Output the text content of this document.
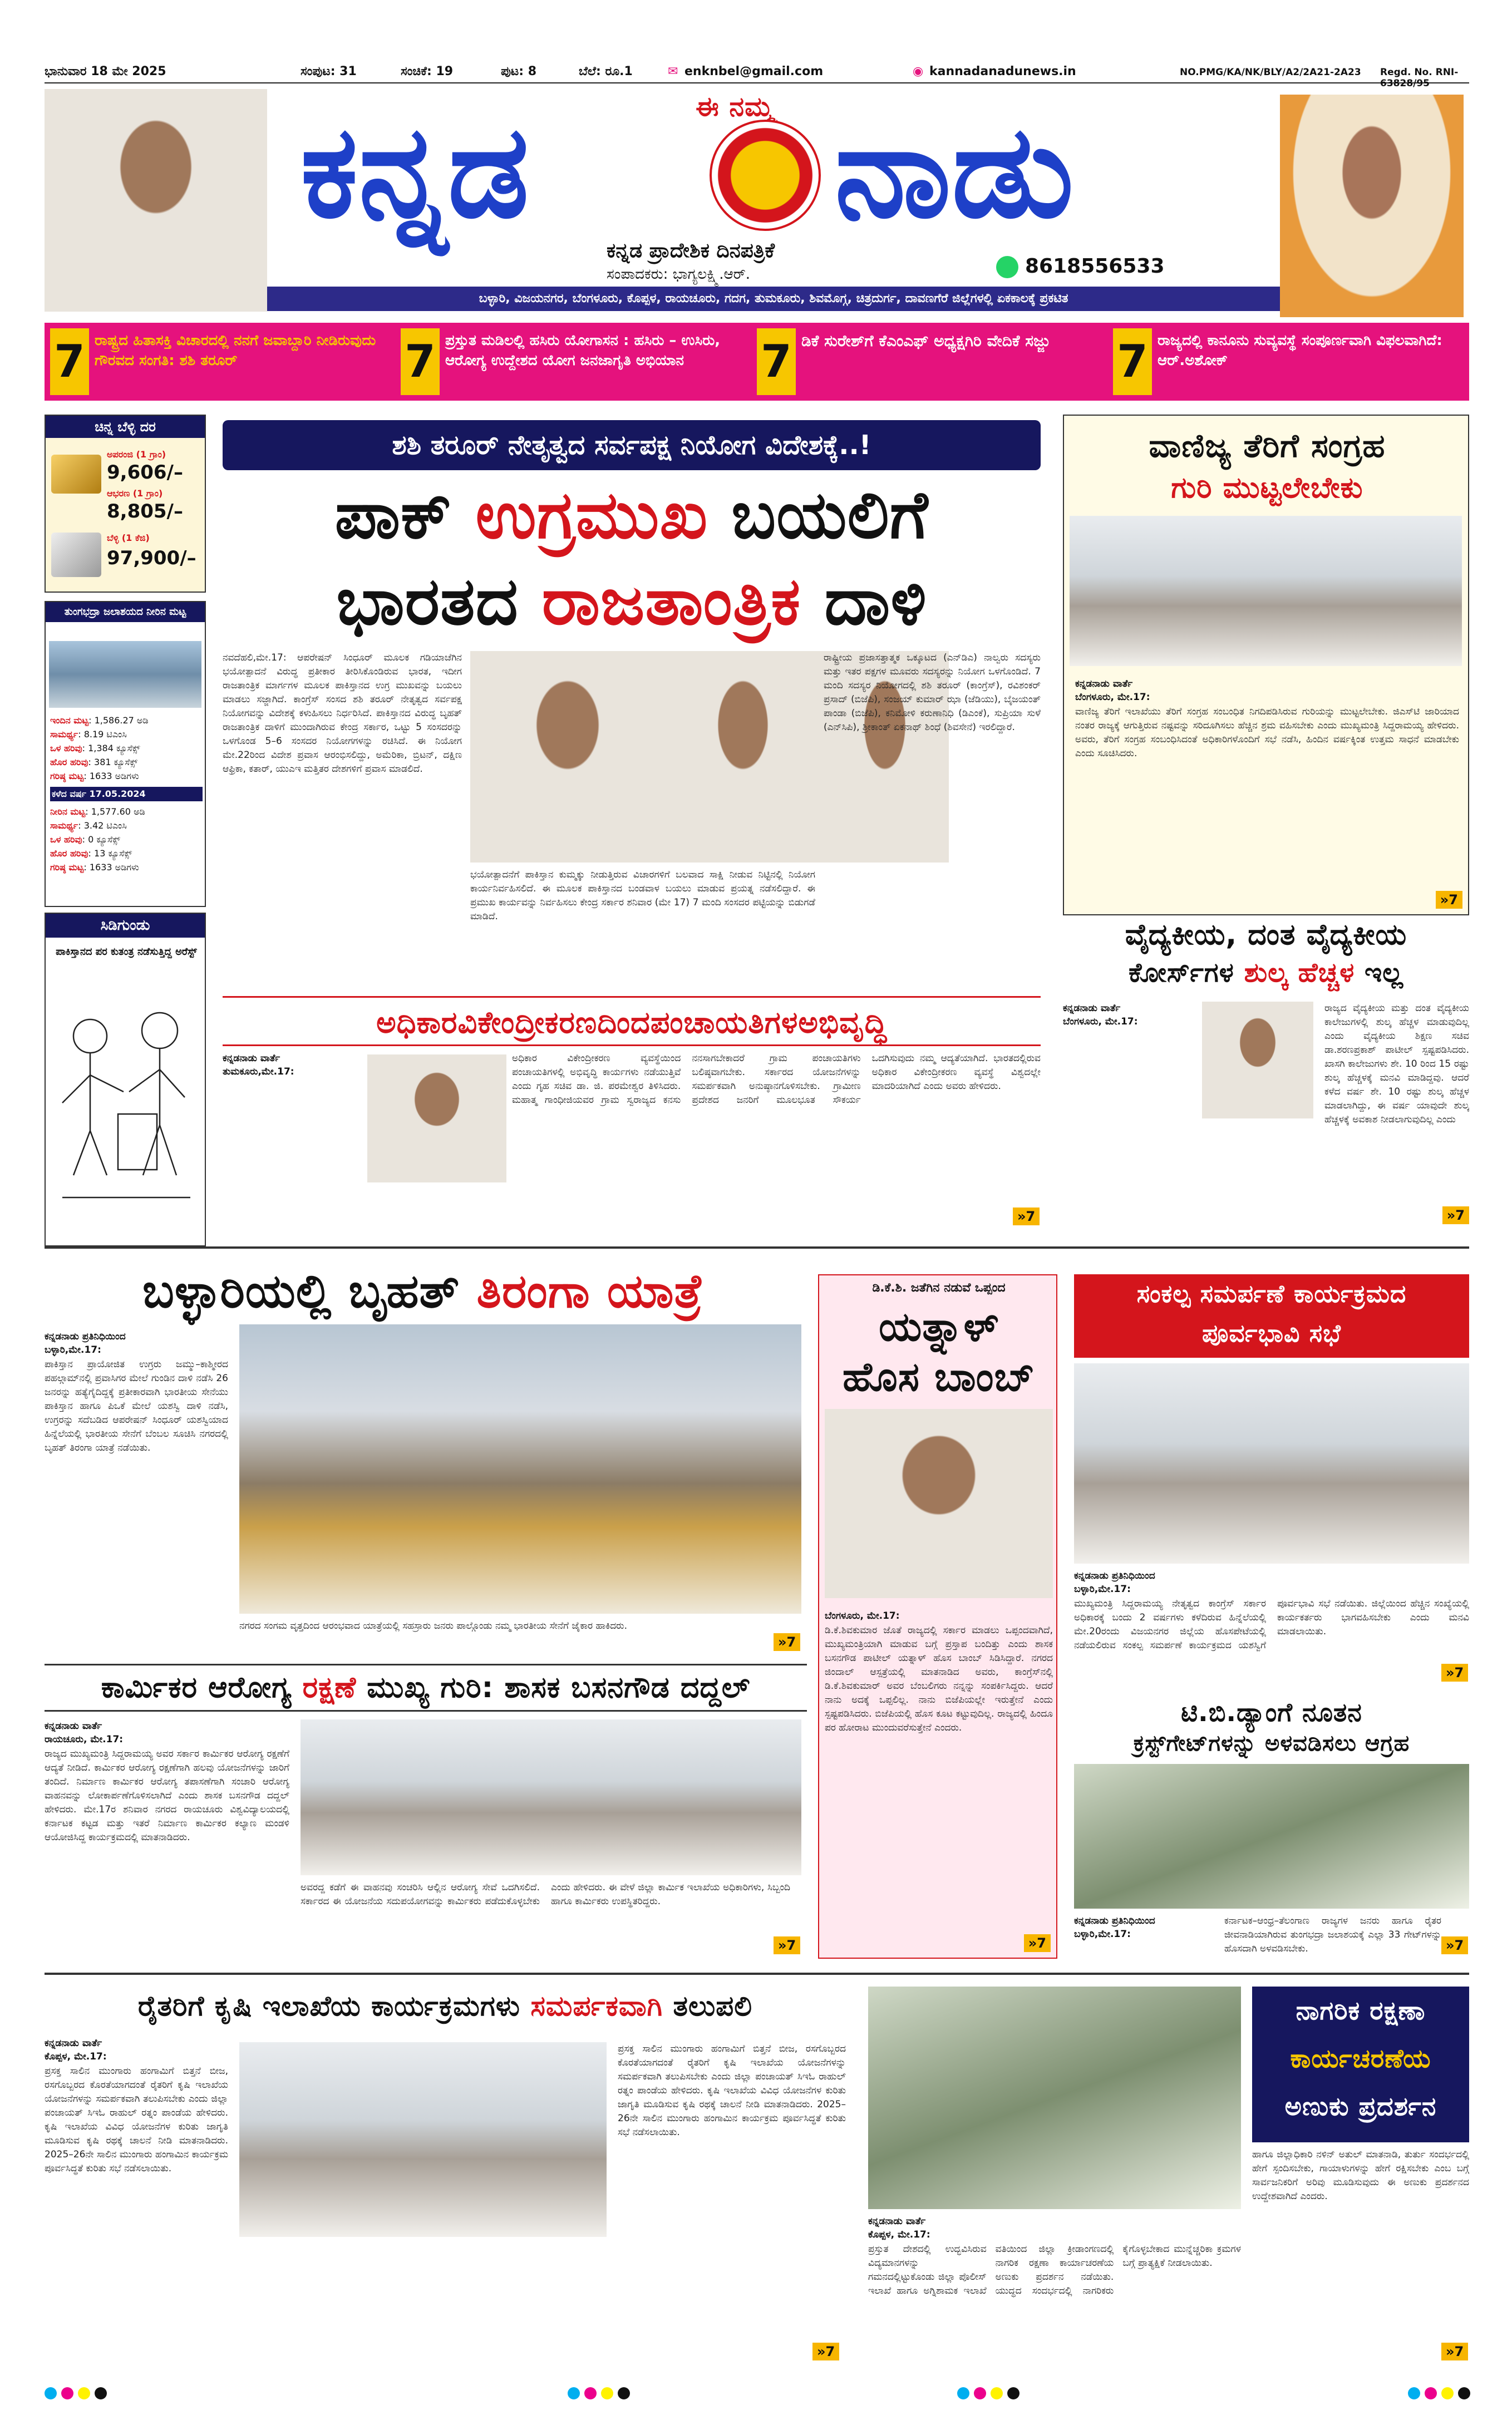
ಭಾನುವಾರ 18 ಮೇ 2025	ಸಂಪುಟ: 31	ಸಂಚಿಕೆ: 19	ಪುಟ: 8	ಬೆಲೆ: ರೂ.1	✉ enknbel@gmail.com	◉ kannadanadunews.in	NO.PMG/KA/NK/BLY/A2/2A21-2A23 Regd. No. RNI- 63828/95
ಕನ್ನಡ ನಾಡು
ಈ ನಮ್ಮ
ಕನ್ನಡ ಪ್ರಾದೇಶಿಕ ದಿನಪತ್ರಿಕೆ
ಸಂಪಾದಕರು: ಭಾಗ್ಯಲಕ್ಷ್ಮಿ.ಆರ್.	8618556533
ಬಳ್ಳಾರಿ, ವಿಜಯನಗರ, ಬೆಂಗಳೂರು, ಕೊಪ್ಪಳ, ರಾಯಚೂರು, ಗದಗ, ತುಮಕೂರು, ಶಿವಮೊಗ್ಗ, ಚಿತ್ರದುರ್ಗ, ದಾವಣಗೆರೆ ಜಿಲ್ಲೆಗಳಲ್ಲಿ ಏಕಕಾಲಕ್ಕೆ ಪ್ರಕಟಿತ
7 ರಾಷ್ಟ್ರದ ಹಿತಾಸಕ್ತಿ ವಿಚಾರದಲ್ಲಿ ನನಗೆ ಜವಾಬ್ದಾರಿ ನೀಡಿರುವುದು ಗೌರವದ ಸಂಗತಿ: ಶಶಿ ತರೂರ್	7 ಪ್ರಸ್ತುತ ಮಡಿಲಲ್ಲಿ ಹಸಿರು ಯೋಗಾಸನ : ಹಸಿರು – ಉಸಿರು, ಆರೋಗ್ಯ ಉದ್ದೇಶದ ಯೋಗ ಜನಜಾಗೃತಿ ಅಭಿಯಾನ	7 ಡಿಕೆ ಸುರೇಶ್‌ಗೆ ಕೆಎಂಎಫ್ ಅಧ್ಯಕ್ಷಗಿರಿ ವೇದಿಕೆ ಸಜ್ಜು	7 ರಾಜ್ಯದಲ್ಲಿ ಕಾನೂನು ಸುವ್ಯವಸ್ಥೆ ಸಂಪೂರ್ಣವಾಗಿ ವಿಫಲವಾಗಿದೆ: ಆರ್.ಅಶೋಕ್
ಚಿನ್ನ ಬೆಳ್ಳಿ ದರ
ಅಪರಂಜಿ (1 ಗ್ರಾಂ)
9,606/–
ಆಭರಣ (1 ಗ್ರಾಂ)
8,805/–
ಬೆಳ್ಳಿ (1 ಕೆಜಿ)
97,900/–
ತುಂಗಭದ್ರಾ ಜಲಾಶಯದ ನೀರಿನ ಮಟ್ಟ
ಇಂದಿನ ಮಟ್ಟ: 1,586.27 ಅಡಿ
ಸಾಮರ್ಥ್ಯ: 8.19 ಟಿಎಂಸಿ
ಒಳ ಹರಿವು: 1,384 ಕ್ಯೂಸೆಕ್ಸ್
ಹೊರ ಹರಿವು: 381 ಕ್ಯೂಸೆಕ್ಸ್
ಗರಿಷ್ಠ ಮಟ್ಟ: 1633 ಅಡಿಗಳು
ಕಳೆದ ವರ್ಷ 17.05.2024
ನೀರಿನ ಮಟ್ಟ: 1,577.60 ಅಡಿ
ಸಾಮರ್ಥ್ಯ: 3.42 ಟಿಎಂಸಿ
ಒಳ ಹರಿವು: 0 ಕ್ಯೂಸೆಕ್ಸ್
ಹೊರ ಹರಿವು: 13 ಕ್ಯೂಸೆಕ್ಸ್
ಗರಿಷ್ಠ ಮಟ್ಟ: 1633 ಅಡಿಗಳು
ಸಿಡಿಗುಂಡು
ಪಾಕಿಸ್ತಾನದ ಪರ ಕುತಂತ್ರ ನಡೆಸುತ್ತಿದ್ದ ಅರೆಸ್ಟ್
ಶಶಿ ತರೂರ್ ನೇತೃತ್ವದ ಸರ್ವಪಕ್ಷ ನಿಯೋಗ ವಿದೇಶಕ್ಕೆ..!
ಪಾಕ್ ಉಗ್ರಮುಖ ಬಯಲಿಗೆ
ಭಾರತದ ರಾಜತಾಂತ್ರಿಕ ದಾಳಿ
ನವದೆಹಲಿ,ಮೇ.17: ಆಪರೇಷನ್ ಸಿಂಧೂರ್ ಮೂಲಕ ಗಡಿಯಾಚೆಗಿನ ಭಯೋತ್ಪಾದನೆ ವಿರುದ್ಧ ಪ್ರತೀಕಾರ ತೀರಿಸಿಕೊಂಡಿರುವ ಭಾರತ, ಇದೀಗ ರಾಜತಾಂತ್ರಿಕ ಮಾರ್ಗಗಳ ಮೂಲಕ ಪಾಕಿಸ್ತಾನದ ಉಗ್ರ ಮುಖವನ್ನು ಬಯಲು ಮಾಡಲು ಸಜ್ಜಾಗಿದೆ. ಕಾಂಗ್ರೆಸ್ ಸಂಸದ ಶಶಿ ತರೂರ್ ನೇತೃತ್ವದ ಸರ್ವಪಕ್ಷ ನಿಯೋಗವನ್ನು ವಿದೇಶಕ್ಕೆ ಕಳುಹಿಸಲು ನಿರ್ಧರಿಸಿದೆ. ಪಾಕಿಸ್ತಾನದ ವಿರುದ್ಧ ಬೃಹತ್ ರಾಜತಾಂತ್ರಿಕ ದಾಳಿಗೆ ಮುಂದಾಗಿರುವ ಕೇಂದ್ರ ಸರ್ಕಾರ, ಒಟ್ಟು 5 ಸಂಸದರನ್ನು ಒಳಗೊಂಡ 5–6 ಸಂಸದರ ನಿಯೋಗಗಳನ್ನು ರಚಿಸಿದೆ. ಈ ನಿಯೋಗ ಮೇ.22ರಿಂದ ವಿದೇಶ ಪ್ರವಾಸ ಆರಂಭಿಸಲಿದ್ದು, ಅಮೆರಿಕಾ, ಬ್ರಿಟನ್, ದಕ್ಷಿಣ ಆಫ್ರಿಕಾ, ಕತಾರ್, ಯುಎಇ ಮತ್ತಿತರ ದೇಶಗಳಿಗೆ ಪ್ರವಾಸ ಮಾಡಲಿದೆ.
ಭಯೋತ್ಪಾದನೆಗೆ ಪಾಕಿಸ್ತಾನ ಕುಮ್ಮಕ್ಕು ನೀಡುತ್ತಿರುವ ವಿಚಾರಗಳಿಗೆ ಬಲವಾದ ಸಾಕ್ಷಿ ನೀಡುವ ನಿಟ್ಟಿನಲ್ಲಿ ನಿಯೋಗ ಕಾರ್ಯನಿರ್ವಹಿಸಲಿದೆ. ಈ ಮೂಲಕ ಪಾಕಿಸ್ತಾನದ ಬಂಡವಾಳ ಬಯಲು ಮಾಡುವ ಪ್ರಯತ್ನ ನಡೆಸಲಿದ್ದಾರೆ. ಈ ಪ್ರಮುಖ ಕಾರ್ಯವನ್ನು ನಿರ್ವಹಿಸಲು ಕೇಂದ್ರ ಸರ್ಕಾರ ಶನಿವಾರ (ಮೇ 17) 7 ಮಂದಿ ಸಂಸದರ ಪಟ್ಟಿಯನ್ನು ಬಿಡುಗಡೆ ಮಾಡಿದೆ.
ರಾಷ್ಟ್ರೀಯ ಪ್ರಜಾಸತ್ತಾತ್ಮಕ ಒಕ್ಕೂಟದ (ಎನ್‌ಡಿಎ) ನಾಲ್ವರು ಸದಸ್ಯರು ಮತ್ತು ಇತರ ಪಕ್ಷಗಳ ಮೂವರು ಸದಸ್ಯರನ್ನು ನಿಯೋಗ ಒಳಗೊಂಡಿದೆ. 7 ಮಂದಿ ಸದಸ್ಯರ ನಿಯೋಗದಲ್ಲಿ ಶಶಿ ತರೂರ್ (ಕಾಂಗ್ರೆಸ್), ರವಿಶಂಕರ್ ಪ್ರಸಾದ್ (ಬಿಜೆಪಿ), ಸಂಜಯ್ ಕುಮಾರ್ ಝಾ (ಜೆಡಿಯು), ಬೈಜಯಂತ್ ಪಾಂಡಾ (ಬಿಜೆಪಿ), ಕನಿಮೋಳಿ ಕರುಣಾನಿಧಿ (ಡಿಎಂಕೆ), ಸುಪ್ರಿಯಾ ಸುಳೆ (ಎನ್‌ಸಿಪಿ), ಶ್ರೀಕಾಂತ್ ಏಕನಾಥ್ ಶಿಂಧೆ (ಶಿವಸೇನೆ) ಇರಲಿದ್ದಾರೆ.
ವಾಣಿಜ್ಯ ತೆರಿಗೆ ಸಂಗ್ರಹ
ಗುರಿ ಮುಟ್ಟಲೇಬೇಕು
ಕನ್ನಡನಾಡು ವಾರ್ತೆ
ಬೆಂಗಳೂರು, ಮೇ.17:
ವಾಣಿಜ್ಯ ತೆರಿಗೆ ಇಲಾಖೆಯು ತೆರಿಗೆ ಸಂಗ್ರಹ ಸಂಬಂಧಿತ ನಿಗದಿಪಡಿಸಿರುವ ಗುರಿಯನ್ನು ಮುಟ್ಟಲೇಬೇಕು. ಜಿಎಸ್‌ಟಿ ಜಾರಿಯಾದ ನಂತರ ರಾಜ್ಯಕ್ಕೆ ಆಗುತ್ತಿರುವ ನಷ್ಟವನ್ನು ಸರಿದೂಗಿಸಲು ಹೆಚ್ಚಿನ ಶ್ರಮ ವಹಿಸಬೇಕು ಎಂದು ಮುಖ್ಯಮಂತ್ರಿ ಸಿದ್ದರಾಮಯ್ಯ ಹೇಳಿದರು. ಅವರು, ತೆರಿಗೆ ಸಂಗ್ರಹ ಸಂಬಂಧಿಸಿದಂತೆ ಅಧಿಕಾರಿಗಳೊಂದಿಗೆ ಸಭೆ ನಡೆಸಿ, ಹಿಂದಿನ ವರ್ಷಕ್ಕಿಂತ ಉತ್ತಮ ಸಾಧನೆ ಮಾಡಬೇಕು ಎಂದು ಸೂಚಿಸಿದರು.
»7
ವೈದ್ಯಕೀಯ, ದಂತ ವೈದ್ಯಕೀಯ
ಕೋರ್ಸ್‌ಗಳ ಶುಲ್ಕ ಹೆಚ್ಚಳ ಇಲ್ಲ
ಕನ್ನಡನಾಡು ವಾರ್ತೆ
ಬೆಂಗಳೂರು, ಮೇ.17:
ರಾಜ್ಯದ ವೈದ್ಯಕೀಯ ಮತ್ತು ದಂತ ವೈದ್ಯಕೀಯ ಕಾಲೇಜುಗಳಲ್ಲಿ ಶುಲ್ಕ ಹೆಚ್ಚಳ ಮಾಡುವುದಿಲ್ಲ ಎಂದು ವೈದ್ಯಕೀಯ ಶಿಕ್ಷಣ ಸಚಿವ ಡಾ.ಶರಣಪ್ರಕಾಶ್ ಪಾಟೀಲ್ ಸ್ಪಷ್ಟಪಡಿಸಿದರು. ಖಾಸಗಿ ಕಾಲೇಜುಗಳು ಶೇ. 10 ರಿಂದ 15 ರಷ್ಟು ಶುಲ್ಕ ಹೆಚ್ಚಳಕ್ಕೆ ಮನವಿ ಮಾಡಿದ್ದವು. ಆದರೆ ಕಳೆದ ವರ್ಷ ಶೇ. 10 ರಷ್ಟು ಶುಲ್ಕ ಹೆಚ್ಚಳ ಮಾಡಲಾಗಿದ್ದು, ಈ ವರ್ಷ ಯಾವುದೇ ಶುಲ್ಕ ಹೆಚ್ಚಳಕ್ಕೆ ಅವಕಾಶ ನೀಡಲಾಗುವುದಿಲ್ಲ ಎಂದು
»7
ಅಧಿಕಾರವಿಕೇಂದ್ರೀಕರಣದಿಂದಪಂಚಾಯತಿಗಳಅಭಿವೃದ್ಧಿ
ಕನ್ನಡನಾಡು ವಾರ್ತೆ
ತುಮಕೂರು,ಮೇ.17:
ಅಧಿಕಾರ ವಿಕೇಂದ್ರೀಕರಣ ವ್ಯವಸ್ಥೆಯಿಂದ ಪಂಚಾಯತಿಗಳಲ್ಲಿ ಅಭಿವೃದ್ಧಿ ಕಾರ್ಯಗಳು ನಡೆಯುತ್ತಿವೆ ಎಂದು ಗೃಹ ಸಚಿವ ಡಾ. ಜಿ. ಪರಮೇಶ್ವರ ತಿಳಿಸಿದರು. ಮಹಾತ್ಮ ಗಾಂಧೀಜಿಯವರ ಗ್ರಾಮ ಸ್ವರಾಜ್ಯದ ಕನಸು ನನಸಾಗಬೇಕಾದರೆ ಗ್ರಾಮ ಪಂಚಾಯತಿಗಳು ಬಲಿಷ್ಠವಾಗಬೇಕು. ಸರ್ಕಾರದ ಯೋಜನೆಗಳನ್ನು ಸಮರ್ಪಕವಾಗಿ ಅನುಷ್ಠಾನಗೊಳಿಸಬೇಕು. ಗ್ರಾಮೀಣ ಪ್ರದೇಶದ ಜನರಿಗೆ ಮೂಲಭೂತ ಸೌಕರ್ಯ ಒದಗಿಸುವುದು ನಮ್ಮ ಆದ್ಯತೆಯಾಗಿದೆ. ಭಾರತದಲ್ಲಿರುವ ಅಧಿಕಾರ ವಿಕೇಂದ್ರೀಕರಣ ವ್ಯವಸ್ಥೆ ವಿಶ್ವದಲ್ಲೇ ಮಾದರಿಯಾಗಿದೆ ಎಂದು ಅವರು ಹೇಳಿದರು.
»7
ಬಳ್ಳಾರಿಯಲ್ಲಿ ಬೃಹತ್ ತಿರಂಗಾ ಯಾತ್ರೆ
ಕನ್ನಡನಾಡು ಪ್ರತಿನಿಧಿಯಿಂದ
ಬಳ್ಳಾರಿ,ಮೇ.17:
ಪಾಕಿಸ್ತಾನ ಪ್ರಾಯೋಜಿತ ಉಗ್ರರು ಜಮ್ಮು–ಕಾಶ್ಮೀರದ ಪಹಲ್ಗಾಮ್‌ನಲ್ಲಿ ಪ್ರವಾಸಿಗರ ಮೇಲೆ ಗುಂಡಿನ ದಾಳಿ ನಡೆಸಿ 26 ಜನರನ್ನು ಹತ್ಯೆಗೈದಿದ್ದಕ್ಕೆ ಪ್ರತೀಕಾರವಾಗಿ ಭಾರತೀಯ ಸೇನೆಯು ಪಾಕಿಸ್ತಾನ ಹಾಗೂ ಪಿಒಕೆ ಮೇಲೆ ಯಶಸ್ವಿ ದಾಳಿ ನಡೆಸಿ, ಉಗ್ರರನ್ನು ಸದೆಬಡಿದ ಆಪರೇಷನ್ ಸಿಂಧೂರ್ ಯಶಸ್ವಿಯಾದ ಹಿನ್ನೆಲೆಯಲ್ಲಿ ಭಾರತೀಯ ಸೇನೆಗೆ ಬೆಂಬಲ ಸೂಚಿಸಿ ನಗರದಲ್ಲಿ ಬೃಹತ್ ತಿರಂಗಾ ಯಾತ್ರೆ ನಡೆಯಿತು.
ನಗರದ ಸಂಗಮ ವೃತ್ತದಿಂದ ಆರಂಭವಾದ ಯಾತ್ರೆಯಲ್ಲಿ ಸಹಸ್ರಾರು ಜನರು ಪಾಲ್ಗೊಂಡು ನಮ್ಮ ಭಾರತೀಯ ಸೇನೆಗೆ ಜೈಕಾರ ಹಾಕಿದರು.
»7
ಡಿ.ಕೆ.ಶಿ. ಜತೆಗಿನ ನಡುವೆ ಒಪ್ಪಂದ
ಯತ್ನಾಳ್
ಹೊಸ ಬಾಂಬ್
ಬೆಂಗಳೂರು, ಮೇ.17:
ಡಿ.ಕೆ.ಶಿವಕುಮಾರ ಜೊತೆ ರಾಜ್ಯದಲ್ಲಿ ಸರ್ಕಾರ ಮಾಡಲು ಒಪ್ಪಂದವಾಗಿದೆ, ಮುಖ್ಯಮಂತ್ರಿಯಾಗಿ ಮಾಡುವ ಬಗ್ಗೆ ಪ್ರಸ್ತಾಪ ಬಂದಿತ್ತು ಎಂದು ಶಾಸಕ ಬಸನಗೌಡ ಪಾಟೀಲ್ ಯತ್ನಾಳ್ ಹೊಸ ಬಾಂಬ್ ಸಿಡಿಸಿದ್ದಾರೆ. ನಗರದ ಜಿಂದಾಲ್ ಆಸ್ಪತ್ರೆಯಲ್ಲಿ ಮಾತನಾಡಿದ ಅವರು, ಕಾಂಗ್ರೆಸ್‌ನಲ್ಲಿ ಡಿ.ಕೆ.ಶಿವಕುಮಾರ್ ಅವರ ಬೆಂಬಲಿಗರು ನನ್ನನ್ನು ಸಂಪರ್ಕಿಸಿದ್ದರು. ಆದರೆ ನಾನು ಅದಕ್ಕೆ ಒಪ್ಪಲಿಲ್ಲ. ನಾನು ಬಿಜೆಪಿಯಲ್ಲೇ ಇರುತ್ತೇನೆ ಎಂದು ಸ್ಪಷ್ಟಪಡಿಸಿದರು. ಬಿಜೆಪಿಯಲ್ಲಿ ಹೊಸ ಕೂಟ ಕಟ್ಟುವುದಿಲ್ಲ. ರಾಜ್ಯದಲ್ಲಿ ಹಿಂದೂ ಪರ ಹೋರಾಟ ಮುಂದುವರೆಸುತ್ತೇನೆ ಎಂದರು.
»7
ಸಂಕಲ್ಪ ಸಮರ್ಪಣೆ ಕಾರ್ಯಕ್ರಮದ
ಪೂರ್ವಭಾವಿ ಸಭೆ
ಕನ್ನಡನಾಡು ಪ್ರತಿನಿಧಿಯಿಂದ
ಬಳ್ಳಾರಿ,ಮೇ.17:
ಮುಖ್ಯಮಂತ್ರಿ ಸಿದ್ದರಾಮಯ್ಯ ನೇತೃತ್ವದ ಕಾಂಗ್ರೆಸ್ ಸರ್ಕಾರ ಅಧಿಕಾರಕ್ಕೆ ಬಂದು 2 ವರ್ಷಗಳು ಕಳೆದಿರುವ ಹಿನ್ನೆಲೆಯಲ್ಲಿ ಮೇ.20ರಂದು ವಿಜಯನಗರ ಜಿಲ್ಲೆಯ ಹೊಸಪೇಟೆಯಲ್ಲಿ ನಡೆಯಲಿರುವ ಸಂಕಲ್ಪ ಸಮರ್ಪಣೆ ಕಾರ್ಯಕ್ರಮದ ಯಶಸ್ವಿಗೆ ಪೂರ್ವಭಾವಿ ಸಭೆ ನಡೆಯಿತು. ಜಿಲ್ಲೆಯಿಂದ ಹೆಚ್ಚಿನ ಸಂಖ್ಯೆಯಲ್ಲಿ ಕಾರ್ಯಕರ್ತರು ಭಾಗವಹಿಸಬೇಕು ಎಂದು ಮನವಿ ಮಾಡಲಾಯಿತು.
»7
ಟಿ.ಬಿ.ಡ್ಯಾಂಗೆ ನೂತನ
ಕ್ರಸ್ಟ್‌ಗೇಟ್‌ಗಳನ್ನು ಅಳವಡಿಸಲು ಆಗ್ರಹ
ಕನ್ನಡನಾಡು ಪ್ರತಿನಿಧಿಯಿಂದ
ಬಳ್ಳಾರಿ,ಮೇ.17:
ಕರ್ನಾಟಕ–ಆಂಧ್ರ–ತೆಲಂಗಾಣ ರಾಜ್ಯಗಳ ಜನರು ಹಾಗೂ ರೈತರ ಜೀವನಾಡಿಯಾಗಿರುವ ತುಂಗಭದ್ರಾ ಜಲಾಶಯಕ್ಕೆ ಎಲ್ಲಾ 33 ಗೇಟ್‌ಗಳನ್ನು ಹೊಸದಾಗಿ ಅಳವಡಿಸಬೇಕು.	»7
ಕಾರ್ಮಿಕರ ಆರೋಗ್ಯ ರಕ್ಷಣೆ ಮುಖ್ಯ ಗುರಿ: ಶಾಸಕ ಬಸನಗೌಡ ದದ್ದಲ್
ಕನ್ನಡನಾಡು ವಾರ್ತೆ
ರಾಯಚೂರು, ಮೇ.17:
ರಾಜ್ಯದ ಮುಖ್ಯಮಂತ್ರಿ ಸಿದ್ದರಾಮಯ್ಯ ಅವರ ಸರ್ಕಾರ ಕಾರ್ಮಿಕರ ಆರೋಗ್ಯ ರಕ್ಷಣೆಗೆ ಆದ್ಯತೆ ನೀಡಿದೆ. ಕಾರ್ಮಿಕರ ಆರೋಗ್ಯ ರಕ್ಷಣೆಗಾಗಿ ಹಲವು ಯೋಜನೆಗಳನ್ನು ಜಾರಿಗೆ ತಂದಿದೆ. ನಿರ್ಮಾಣ ಕಾರ್ಮಿಕರ ಆರೋಗ್ಯ ತಪಾಸಣೆಗಾಗಿ ಸಂಚಾರಿ ಆರೋಗ್ಯ ವಾಹನವನ್ನು ಲೋಕಾರ್ಪಣೆಗೊಳಿಸಲಾಗಿದೆ ಎಂದು ಶಾಸಕ ಬಸನಗೌಡ ದದ್ದಲ್ ಹೇಳಿದರು. ಮೇ.17ರ ಶನಿವಾರ ನಗರದ ರಾಯಚೂರು ವಿಶ್ವವಿದ್ಯಾಲಯದಲ್ಲಿ ಕರ್ನಾಟಕ ಕಟ್ಟಡ ಮತ್ತು ಇತರೆ ನಿರ್ಮಾಣ ಕಾರ್ಮಿಕರ ಕಲ್ಯಾಣ ಮಂಡಳಿ ಆಯೋಜಿಸಿದ್ದ ಕಾರ್ಯಕ್ರಮದಲ್ಲಿ ಮಾತನಾಡಿದರು.
ಅವರದ್ದ ಕಡೆಗೆ ಈ ವಾಹನವು ಸಂಚರಿಸಿ ಆಲ್ಲಿನ ಆರೋಗ್ಯ ಸೇವೆ ಒದಗಿಸಲಿದೆ. ಸರ್ಕಾರದ ಈ ಯೋಜನೆಯ ಸದುಪಯೋಗವನ್ನು ಕಾರ್ಮಿಕರು ಪಡೆದುಕೊಳ್ಳಬೇಕು ಎಂದು ಹೇಳಿದರು. ಈ ವೇಳೆ ಜಿಲ್ಲಾ ಕಾರ್ಮಿಕ ಇಲಾಖೆಯ ಅಧಿಕಾರಿಗಳು, ಸಿಬ್ಬಂದಿ ಹಾಗೂ ಕಾರ್ಮಿಕರು ಉಪಸ್ಥಿತರಿದ್ದರು.
»7
ರೈತರಿಗೆ ಕೃಷಿ ಇಲಾಖೆಯ ಕಾರ್ಯಕ್ರಮಗಳು ಸಮರ್ಪಕವಾಗಿ ತಲುಪಲಿ
ಕನ್ನಡನಾಡು ವಾರ್ತೆ
ಕೊಪ್ಪಳ, ಮೇ.17:
ಪ್ರಸಕ್ತ ಸಾಲಿನ ಮುಂಗಾರು ಹಂಗಾಮಿಗೆ ಬಿತ್ತನೆ ಬೀಜ, ರಸಗೊಬ್ಬರದ ಕೊರತೆಯಾಗದಂತೆ ರೈತರಿಗೆ ಕೃಷಿ ಇಲಾಖೆಯ ಯೋಜನೆಗಳನ್ನು ಸಮರ್ಪಕವಾಗಿ ತಲುಪಿಸಬೇಕು ಎಂದು ಜಿಲ್ಲಾ ಪಂಚಾಯತ್ ಸಿಇಓ ರಾಹುಲ್ ರತ್ನಂ ಪಾಂಡೆಯ ಹೇಳಿದರು. ಕೃಷಿ ಇಲಾಖೆಯ ವಿವಿಧ ಯೋಜನೆಗಳ ಕುರಿತು ಜಾಗೃತಿ ಮೂಡಿಸುವ ಕೃಷಿ ರಥಕ್ಕೆ ಚಾಲನೆ ನೀಡಿ ಮಾತನಾಡಿದರು. 2025–26ನೇ ಸಾಲಿನ ಮುಂಗಾರು ಹಂಗಾಮಿನ ಕಾರ್ಯಕ್ರಮ ಪೂರ್ವಸಿದ್ಧತೆ ಕುರಿತು ಸಭೆ ನಡೆಸಲಾಯಿತು.
ಪ್ರಸಕ್ತ ಸಾಲಿನ ಮುಂಗಾರು ಹಂಗಾಮಿಗೆ ಬಿತ್ತನೆ ಬೀಜ, ರಸಗೊಬ್ಬರದ ಕೊರತೆಯಾಗದಂತೆ ರೈತರಿಗೆ ಕೃಷಿ ಇಲಾಖೆಯ ಯೋಜನೆಗಳನ್ನು ಸಮರ್ಪಕವಾಗಿ ತಲುಪಿಸಬೇಕು ಎಂದು ಜಿಲ್ಲಾ ಪಂಚಾಯತ್ ಸಿಇಓ ರಾಹುಲ್ ರತ್ನಂ ಪಾಂಡೆಯ ಹೇಳಿದರು. ಕೃಷಿ ಇಲಾಖೆಯ ವಿವಿಧ ಯೋಜನೆಗಳ ಕುರಿತು ಜಾಗೃತಿ ಮೂಡಿಸುವ ಕೃಷಿ ರಥಕ್ಕೆ ಚಾಲನೆ ನೀಡಿ ಮಾತನಾಡಿದರು. 2025–26ನೇ ಸಾಲಿನ ಮುಂಗಾರು ಹಂಗಾಮಿನ ಕಾರ್ಯಕ್ರಮ ಪೂರ್ವಸಿದ್ಧತೆ ಕುರಿತು ಸಭೆ ನಡೆಸಲಾಯಿತು.
»7
ನಾಗರಿಕ ರಕ್ಷಣಾ
ಕಾರ್ಯಚರಣೆಯ
ಅಣುಕು ಪ್ರದರ್ಶನ
ಹಾಗೂ ಜಿಲ್ಲಾಧಿಕಾರಿ ನಳಿನ್ ಅತುಲ್ ಮಾತನಾಡಿ, ತುರ್ತು ಸಂದರ್ಭದಲ್ಲಿ ಹೇಗೆ ಸ್ಪಂದಿಸಬೇಕು, ಗಾಯಾಳುಗಳನ್ನು ಹೇಗೆ ರಕ್ಷಿಸಬೇಕು ಎಂಬ ಬಗ್ಗೆ ಸಾರ್ವಜನಿಕರಿಗೆ ಅರಿವು ಮೂಡಿಸುವುದು ಈ ಅಣುಕು ಪ್ರದರ್ಶನದ ಉದ್ದೇಶವಾಗಿದೆ ಎಂದರು.
ಕನ್ನಡನಾಡು ವಾರ್ತೆ
ಕೊಪ್ಪಳ, ಮೇ.17:
ಪ್ರಸ್ತುತ ದೇಶದಲ್ಲಿ ಉದ್ಭವಿಸಿರುವ ವಿದ್ಯಮಾನಗಳನ್ನು ಗಮನದಲ್ಲಿಟ್ಟುಕೊಂಡು ಜಿಲ್ಲಾ ಪೊಲೀಸ್ ಇಲಾಖೆ ಹಾಗೂ ಅಗ್ನಿಶಾಮಕ ಇಲಾಖೆ ವತಿಯಿಂದ ಜಿಲ್ಲಾ ಕ್ರೀಡಾಂಗಣದಲ್ಲಿ ನಾಗರಿಕ ರಕ್ಷಣಾ ಕಾರ್ಯಾಚರಣೆಯ ಅಣುಕು ಪ್ರದರ್ಶನ ನಡೆಯಿತು. ಯುದ್ಧದ ಸಂದರ್ಭದಲ್ಲಿ ನಾಗರಿಕರು ಕೈಗೊಳ್ಳಬೇಕಾದ ಮುನ್ನೆಚ್ಚರಿಕಾ ಕ್ರಮಗಳ ಬಗ್ಗೆ ಪ್ರಾತ್ಯಕ್ಷಿಕೆ ನೀಡಲಾಯಿತು.
»7
